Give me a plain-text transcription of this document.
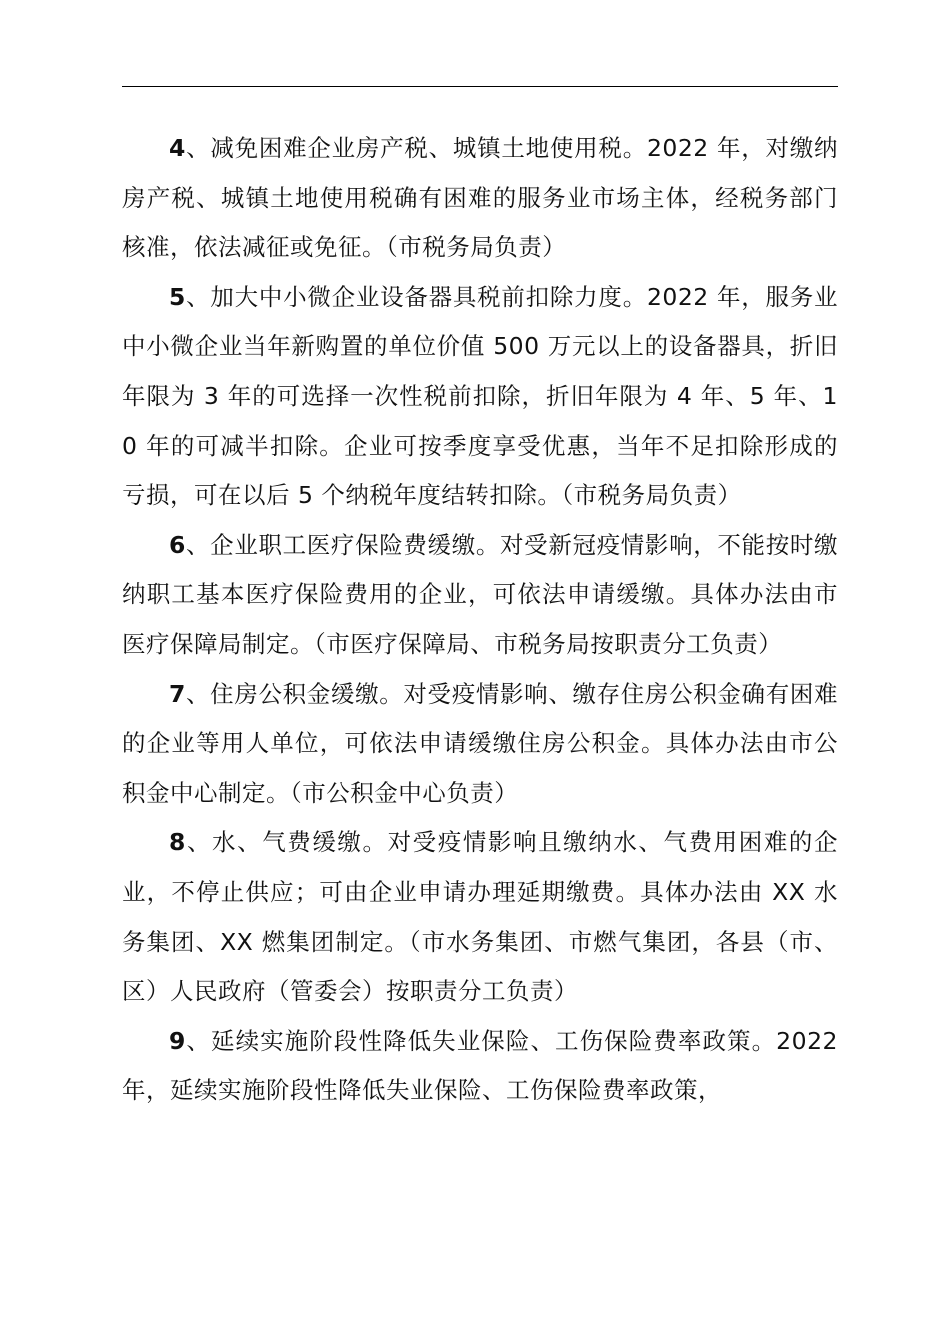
4、减免困难企业房产税、城镇土地使用税。2022 年，对缴纳房产税、城镇土地使用税确有困难的服务业市场主体，经税务部门核准，依法减征或免征。（市税务局负责）

5、加大中小微企业设备器具税前扣除力度。2022 年，服务业中小微企业当年新购置的单位价值 500 万元以上的设备器具，折旧年限为 3 年的可选择一次性税前扣除，折旧年限为 4 年、5 年、10 年的可减半扣除。企业可按季度享受优惠，当年不足扣除形成的亏损，可在以后 5 个纳税年度结转扣除。（市税务局负责）

6、企业职工医疗保险费缓缴。对受新冠疫情影响，不能按时缴纳职工基本医疗保险费用的企业，可依法申请缓缴。具体办法由市医疗保障局制定。（市医疗保障局、市税务局按职责分工负责）

7、住房公积金缓缴。对受疫情影响、缴存住房公积金确有困难的企业等用人单位，可依法申请缓缴住房公积金。具体办法由市公积金中心制定。（市公积金中心负责）

8、水、气费缓缴。对受疫情影响且缴纳水、气费用困难的企业，不停止供应；可由企业申请办理延期缴费。具体办法由 XX 水务集团、XX 燃集团制定。（市水务集团、市燃气集团，各县（市、区）人民政府（管委会）按职责分工负责）

9、延续实施阶段性降低失业保险、工伤保险费率政策。2022 年，延续实施阶段性降低失业保险、工伤保险费率政策，
